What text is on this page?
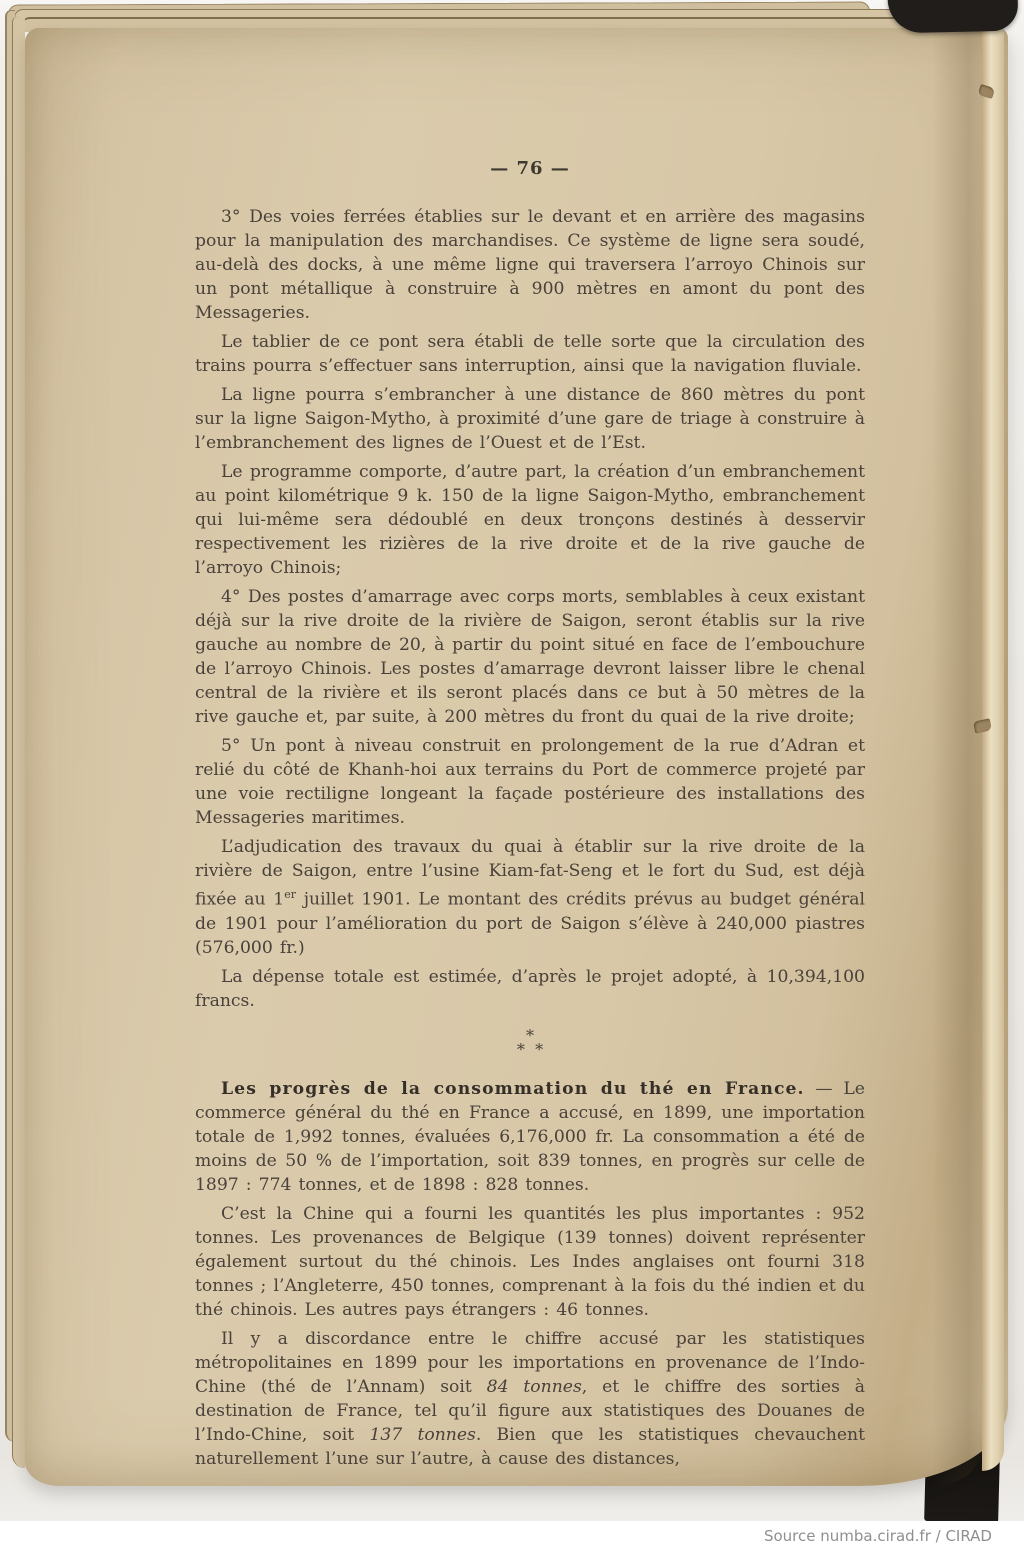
— 76 —

3° Des voies ferrées établies sur le devant et en arrière des magasins pour la manipulation des marchandises. Ce système de ligne sera soudé, au-delà des docks, à une même ligne qui traversera l’arroyo Chinois sur un pont métallique à construire à 900 mètres en amont du pont des Messageries.

Le tablier de ce pont sera établi de telle sorte que la circulation des trains pourra s’effectuer sans interruption, ainsi que la navigation fluviale.

La ligne pourra s’embrancher à une distance de 860 mètres du pont sur la ligne Saigon-Mytho, à proximité d’une gare de triage à construire à l’embranchement des lignes de l’Ouest et de l’Est.

Le programme comporte, d’autre part, la création d’un embranchement au point kilométrique 9 k. 150 de la ligne Saigon-Mytho, embranchement qui lui-même sera dédoublé en deux tronçons destinés à desservir respectivement les rizières de la rive droite et de la rive gauche de l’arroyo Chinois;

4° Des postes d’amarrage avec corps morts, semblables à ceux existant déjà sur la rive droite de la rivière de Saigon, seront établis sur la rive gauche au nombre de 20, à partir du point situé en face de l’embouchure de l’arroyo Chinois. Les postes d’amarrage devront laisser libre le chenal central de la rivière et ils seront placés dans ce but à 50 mètres de la rive gauche et, par suite, à 200 mètres du front du quai de la rive droite;

5° Un pont à niveau construit en prolongement de la rue d’Adran et relié du côté de Khanh-hoi aux terrains du Port de commerce projeté par une voie rectiligne longeant la façade postérieure des installations des Messageries maritimes.

L’adjudication des travaux du quai à établir sur la rive droite de la rivière de Saigon, entre l’usine Kiam-fat-Seng et le fort du Sud, est déjà fixée au 1er juillet 1901. Le montant des crédits prévus au budget général de 1901 pour l’amélioration du port de Saigon s’élève à 240,000 piastres (576,000 fr.)

La dépense totale est estimée, d’après le projet adopté, à 10,394,100 francs.

*
*  *

Les progrès de la consommation du thé en France. — Le commerce général du thé en France a accusé, en 1899, une importation totale de 1,992 tonnes, évaluées 6,176,000 fr. La consommation a été de moins de 50 % de l’importation, soit 839 tonnes, en progrès sur celle de 1897 : 774 tonnes, et de 1898 : 828 tonnes.

C’est la Chine qui a fourni les quantités les plus importantes : 952 tonnes. Les provenances de Belgique (139 tonnes) doivent représenter également surtout du thé chinois. Les Indes anglaises ont fourni 318 tonnes ; l’Angleterre, 450 tonnes, comprenant à la fois du thé indien et du thé chinois. Les autres pays étrangers : 46 tonnes.

Il y a discordance entre le chiffre accusé par les statistiques métropolitaines en 1899 pour les importations en provenance de l’Indo-Chine (thé de l’Annam) soit 84 tonnes, et le chiffre des sorties à destination de France, tel qu’il figure aux statistiques des Douanes de l’Indo-Chine, soit 137 tonnes. Bien que les statistiques chevauchent naturellement l’une sur l’autre, à cause des distances,

Source numba.cirad.fr / CIRAD
